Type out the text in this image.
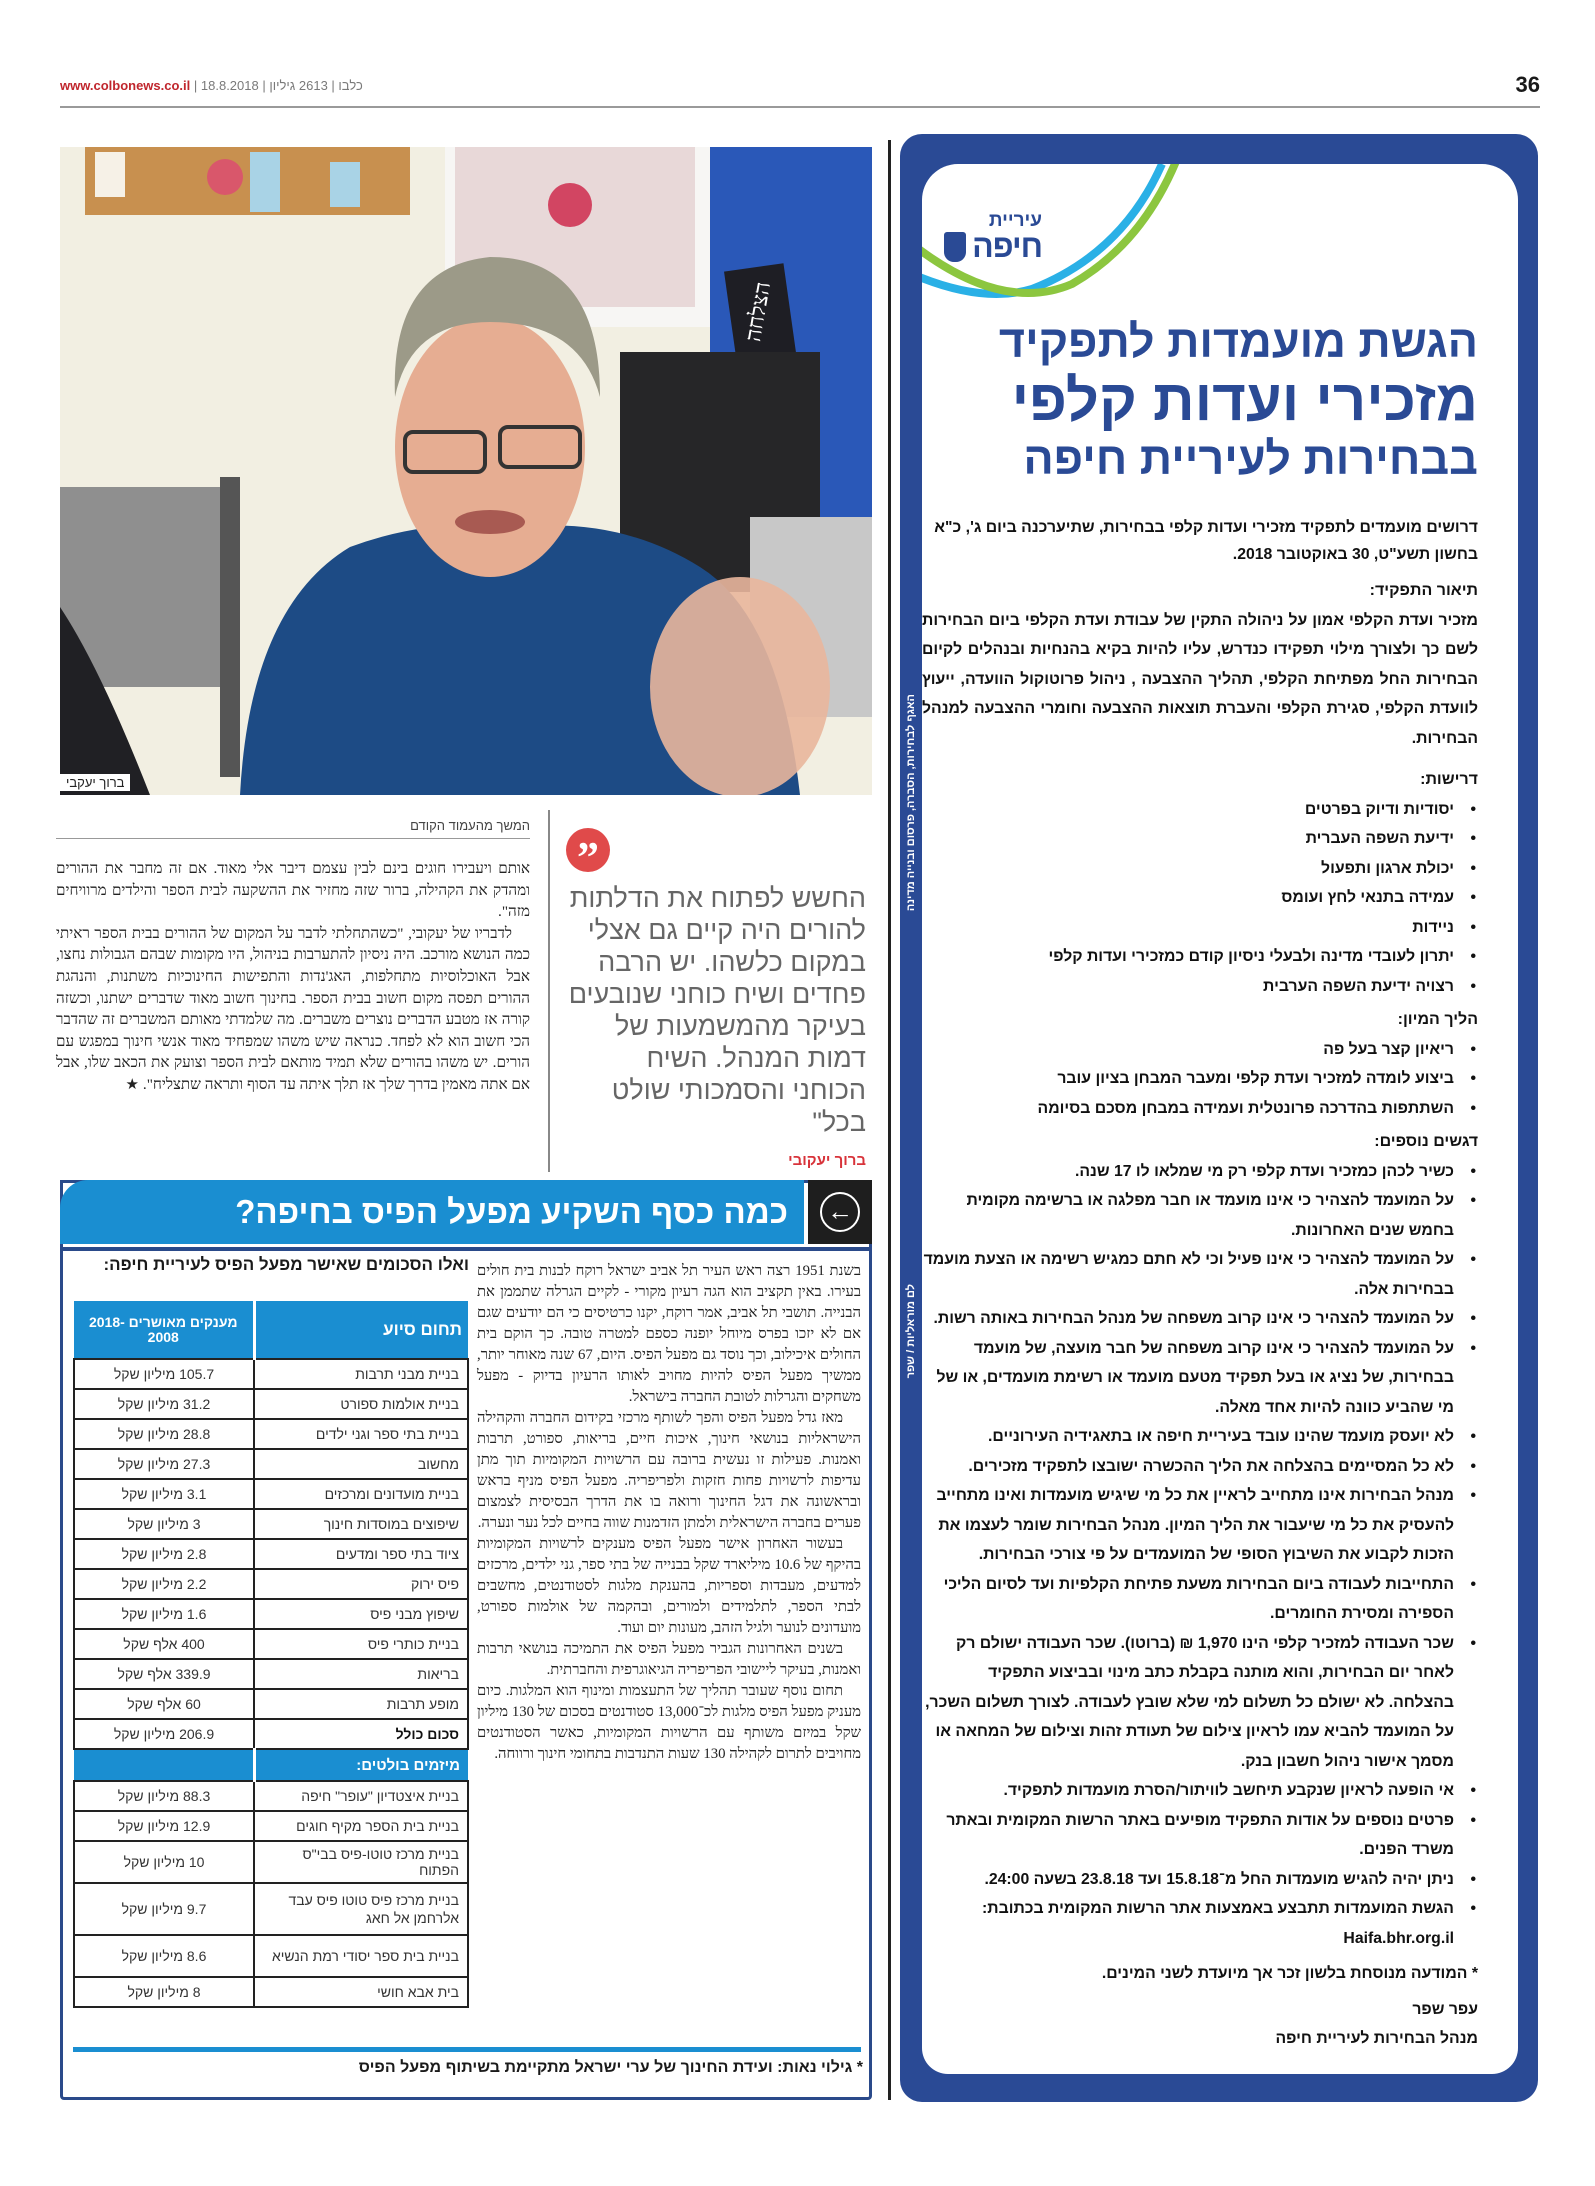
www.colbonews.co.il |	כלבו | 2613 גיליון | 18.8.2018	36
הצלחה
ברוך יעקבי
המשך מהעמוד הקודם

אותם ויעבירו חוגים בינם לבין עצמם דיבר אלי מאוד. אם זה מחבר את ההורים ומהדק את הקהילה, ברור שזה מחזיר את ההשקעה לבית הספר והילדים מרוויחים מזה".

לדבריו של יעקובי, "כשהתחלתי לדבר על המקום של ההורים בבית הספר ראיתי כמה הנושא מורכב. היה ניסיון להתערבות בניהול, היו מקומות שבהם הגבולות נחצו, אבל האוכלוסיות מתחלפות, האג'נדות והתפישות החינוכיות משתנות, והנהגת ההורים תפסה מקום חשוב בבית הספר. בחינוך חשוב מאוד שדברים ישתנו, וכשזה קורה אז מטבע הדברים נוצרים משברים. מה שלמדתי מאותם המשברים זה שהדבר הכי חשוב הוא לא לפחד. כנראה שיש משהו שמפחיד מאוד אנשי חינוך במפגש עם הורים. יש משהו בהורים שלא תמיד מותאם לבית הספר וצועק את הכאב שלו, אבל אם אתה מאמין בדרך שלך אז תלך איתה עד הסוף ותראה שתצליח". ★

”
החשש לפתוח את הדלתות להורים היה קיים גם אצלי במקום כלשהו. יש הרבה פחדים ושיח כוחני שנובעים בעיקר מהמשמעות של דמות המנהל. השיח הכוחני והסמכותי שולט בכל"
ברוך יעקובי
כמה כסף השקיע מפעל הפיס בחיפה?	←

בשנת 1951 רצה ראש העיר תל אביב ישראל רוקח לבנות בית חולים בעירו. באין תקציב הוא הגה רעיון מקורי - לקיים הגרלה שתממן את הבנייה. תושבי תל אביב, אמר רוקח, יקנו כרטיסים כי הם יודעים שגם אם לא יזכו בפרס מיוחל יופנה כספם למטרה טובה. כך הוקם בית החולים איכילוב, וכך נוסד גם מפעל הפיס. היום, 67 שנה מאוחר יותר, ממשיך מפעל הפיס להיות מחויב לאותו הרעיון בדיוק - מפעל משחקים והגרלות לטובת החברה בישראל.

מאז גדל מפעל הפיס והפך לשותף מרכזי בקידום החברה והקהילה הישראליות בנושאי חינוך, איכות חיים, בריאות, ספורט, תרבות ואמנות. פעילות זו נעשית ברובה עם הרשויות המקומיות תוך מתן עדיפות לרשויות פחות חזקות ולפריפריה. מפעל הפיס מניף בראש ובראשונה את דגל החינוך ורואה בו את הדרך הבסיסית לצמצום פערים בחברה הישראלית ולמתן הזדמנות שווה בחיים לכל נער ונערה.

בעשור האחרון אישר מפעל הפיס מענקים לרשויות המקומיות בהיקף של 10.6 מיליארד שקל בבנייה של בתי ספר, גני ילדים, מרכזים למדעים, מעבדות וספריות, בהענקת מלגות לסטודנטים, מחשבים לבתי הספר, לתלמידים ולמורים, ובהקמה של אולמות ספורט, מועדונים לנוער ולגיל הזהב, מעונות יום ועוד.

בשנים האחרונות הגביר מפעל הפיס את התמיכה בנושאי תרבות ואמנות, בעיקר ליישובי הפריפריה הגיאוגרפית והחברתית.

תחום נוסף שעובר תהליך של התעצמות ומינוף הוא המלגות. כיום מעניק מפעל הפיס מלגות לכ־13,000 סטודנטים בסכום של 130 מיליון שקל במיזם משותף עם הרשויות המקומיות, כאשר הסטודנטים מחויבים לתרום לקהילה 130 שעות התנדבות בתחומי חינוך ורווחה.

ואלו הסכומים שאישר מפעל הפיס לעיריית חיפה:
תחום סיוע	מענקים מאושרים 2018-2008
בניית מבני תרבות	105.7 מיליון שקל
בניית אולמות ספורט	31.2 מיליון שקל
בניית בתי ספר וגני ילדים	28.8 מיליון שקל
מחשוב	27.3 מיליון שקל
בניית מועדונים ומרכזים	3.1 מיליון שקל
שיפוצים במוסדות חינוך	3 מיליון שקל
ציוד בתי ספר ומדעים	2.8 מיליון שקל
פיס ירוק	2.2 מיליון שקל
שיפוץ מבני פיס	1.6 מיליון שקל
בניית כותרי פיס	400 אלף שקל
בריאות	339.9 אלף שקל
מופע תרבות	60 אלף שקל
סכום כולל	206.9 מיליון שקל
מיזמים בולטים:	
בניית איצטדיון "עופר" חיפה	88.3 מיליון שקל
בניית בית הספר מקיף חוגים	12.9 מיליון שקל
בניית מרכז טוטו-פיס בבי"ס הפתוח	10 מיליון שקל
בניית מרכז פיס טוטו פיס עבד אלרחמן אל חאג	9.7 מיליון שקל
בניית בית ספר יסודי רמת הנשיא	8.6 מיליון שקל
בית אבא חושי	8 מיליון שקל
* גילוי נאות: ועידת החינוך של ערי ישראל מתקיימת בשיתוף מפעל הפיס
האגף לבחירות, הסברה, פרסום ובנייה מדינה
לם מוראליות / שפר
עיריית
חיפה
הגשת מועמדות לתפקיד
מזכירי ועדות קלפי
בבחירות לעיריית חיפה
דרושים מועמדים לתפקיד מזכירי ועדות קלפי בבחירות, שתיערכנה ביום ג', כ"א בחשון תשע"ט, 30 באוקטובר 2018.
תיאור התפקיד:
מזכיר ועדת הקלפי אמון על ניהולה התקין של עבודת ועדת הקלפי ביום הבחירות לשם כך ולצורך מילוי תפקידו כנדרש, עליו להיות בקיא בהנחיות ובנהלים לקיום הבחירות החל מפתיחת הקלפי, תהליך ההצבעה , ניהול פרוטוקול הוועדה, ייעוץ לוועדת הקלפי, סגירת הקלפי והעברת תוצאות ההצבעה וחומרי ההצבעה למנהל הבחירות.
דרישות:
• יסודיות ודיוק בפרטים
• ידיעת השפה העברית
• יכולת ארגון ותפעול
• עמידה בתנאי לחץ ועומס
• ניידות
• יתרון לעובדי מדינה ולבעלי ניסיון קודם כמזכירי ועדות קלפי
• רצויה ידיעת השפה הערבית
הליך המיון:
• ריאיון קצר בעל פה
• ביצוע לומדה למזכיר ועדת קלפי ומעבר המבחן בציון עובר
• השתתפות בהדרכה פרונטלית ועמידה במבחן מסכם בסיומה
דגשים נוספים:
• כשיר לכהן כמזכיר ועדת קלפי רק מי שמלאו לו 17 שנה.
• על המועמד להצהיר כי אינו מועמד או חבר מפלגה או ברשימה מקומית בחמש שנים האחרונות.
• על המועמד להצהיר כי אינו פעיל וכי לא חתם כמגיש רשימה או הצעת מועמד בבחירות אלה.
• על המועמד להצהיר כי אינו קרוב משפחה של מנהל הבחירות באותה רשות.
• על המועמד להצהיר כי אינו קרוב משפחה של חבר מועצה, של מועמד בבחירות, של נציג או בעל תפקיד מטעם מועמד או רשימת מועמדים, או של מי שהביע כוונה להיות אחד מאלה.
• לא יועסק מועמד שהינו עובד בעיריית חיפה או בתאגידיה העירוניים.
• לא כל המסיימים בהצלחה את הליך ההכשרה ישובצו לתפקיד מזכירים.
• מנהל הבחירות אינו מתחייב לראיין את כל מי שיגיש מועמדות ואינו מתחייב להעסיק את כל מי שיעבור את הליך המיון. מנהל הבחירות שומר לעצמו את הזכות לקבוע את השיבוץ הסופי של המועמדים על פי צורכי הבחירות.
• התחייבות לעבודה ביום הבחירות משעת פתיחת הקלפיות ועד לסיום הליכי הספירה ומסירת החומרים.
• שכר העבודה למזכיר קלפי הינו 1,970 ₪ (ברוטו). שכר העבודה ישולם רק לאחר יום הבחירות, והוא מותנה בקבלת כתב מינוי ובביצוע התפקיד בהצלחה. לא ישולם כל תשלום למי שלא שובץ לעבודה. לצורך תשלום השכר, על המועמד להביא עמו לראיון צילום של תעודת זהות וצילום של המחאה או מסמך אישור ניהול חשבון בנק.
• אי הופעה לראיון שנקבע תיחשב לוויתור/הסרת מועמדות לתפקיד.
• פרטים נוספים על אודות התפקיד מופיעים באתר הרשות המקומית ובאתר משרד הפנים.
• ניתן יהיה להגיש מועמדות החל מ־15.8.18 ועד 23.8.18 בשעה 24:00.
• הגשת המועמדות תתבצע באמצעות אתר הרשות המקומית בכתובת: Haifa.bhr.org.il
* המודעה מנוסחת בלשון זכר אך מיועדת לשני המינים.
עפר שפר
מנהל הבחירות לעיריית חיפה
